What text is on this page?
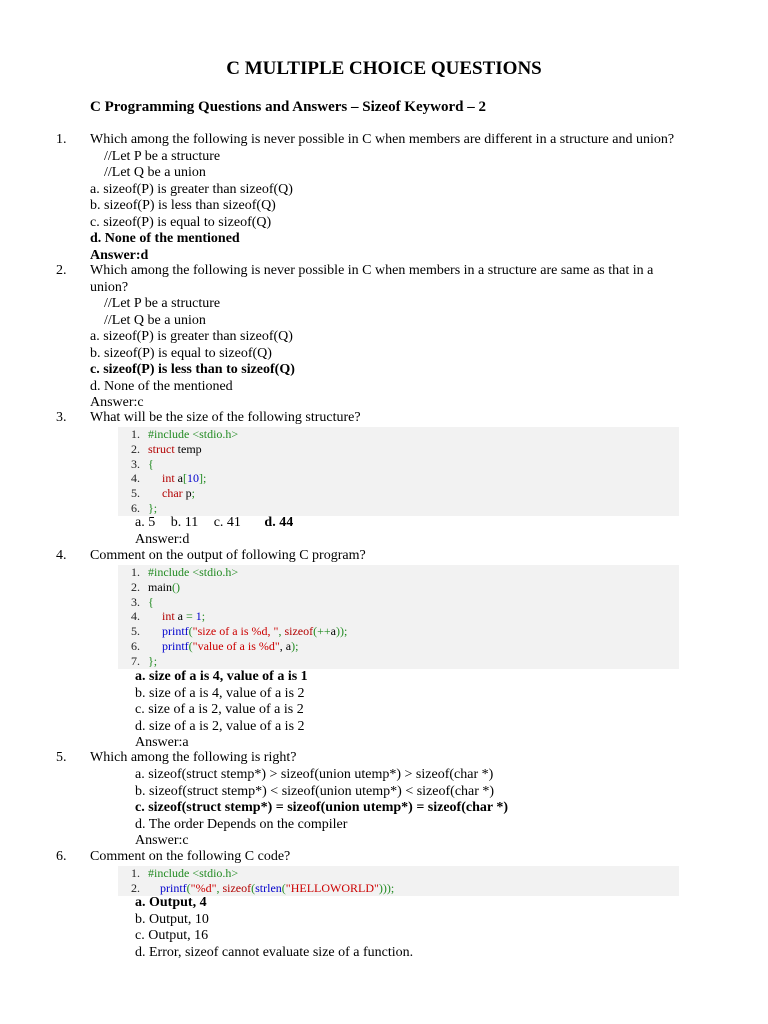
C MULTIPLE CHOICE QUESTIONS
C Programming Questions and Answers – Sizeof Keyword – 2
1. Which among the following is never possible in C when members are different in a structure and union?
//Let P be a structure
//Let Q be a union
a. sizeof(P) is greater than sizeof(Q)
b. sizeof(P) is less than sizeof(Q)
c. sizeof(P) is equal to sizeof(Q)
d. None of the mentioned
Answer:d
2. Which among the following is never possible in C when members in a structure are same as that in a
union?
//Let P be a structure
//Let Q be a union
a. sizeof(P) is greater than sizeof(Q)
b. sizeof(P) is equal to sizeof(Q)
c. sizeof(P) is less than to sizeof(Q)
d. None of the mentioned
Answer:c
3. What will be the size of the following structure?
1. #include <stdio.h>
2. struct temp
3. {
4. int a[10];
5. char p;
6. };
a. 5 b. 11 c. 41 d. 44
Answer:d
4. Comment on the output of following C program?
1. #include <stdio.h>
2. main()
3. {
4. int a = 1;
5. printf("size of a is %d, ", sizeof(++a));
6. printf("value of a is %d", a);
7. };
a. size of a is 4, value of a is 1
b. size of a is 4, value of a is 2
c. size of a is 2, value of a is 2
d. size of a is 2, value of a is 2
Answer:a
5. Which among the following is right?
a. sizeof(struct stemp*) > sizeof(union utemp*) > sizeof(char *)
b. sizeof(struct stemp*) < sizeof(union utemp*) < sizeof(char *)
c. sizeof(struct stemp*) = sizeof(union utemp*) = sizeof(char *)
d. The order Depends on the compiler
Answer:c
6. Comment on the following C code?
1. #include <stdio.h>
2. printf("%d", sizeof(strlen("HELLOWORLD")));
a. Output, 4
b. Output, 10
c. Output, 16
d. Error, sizeof cannot evaluate size of a function.
